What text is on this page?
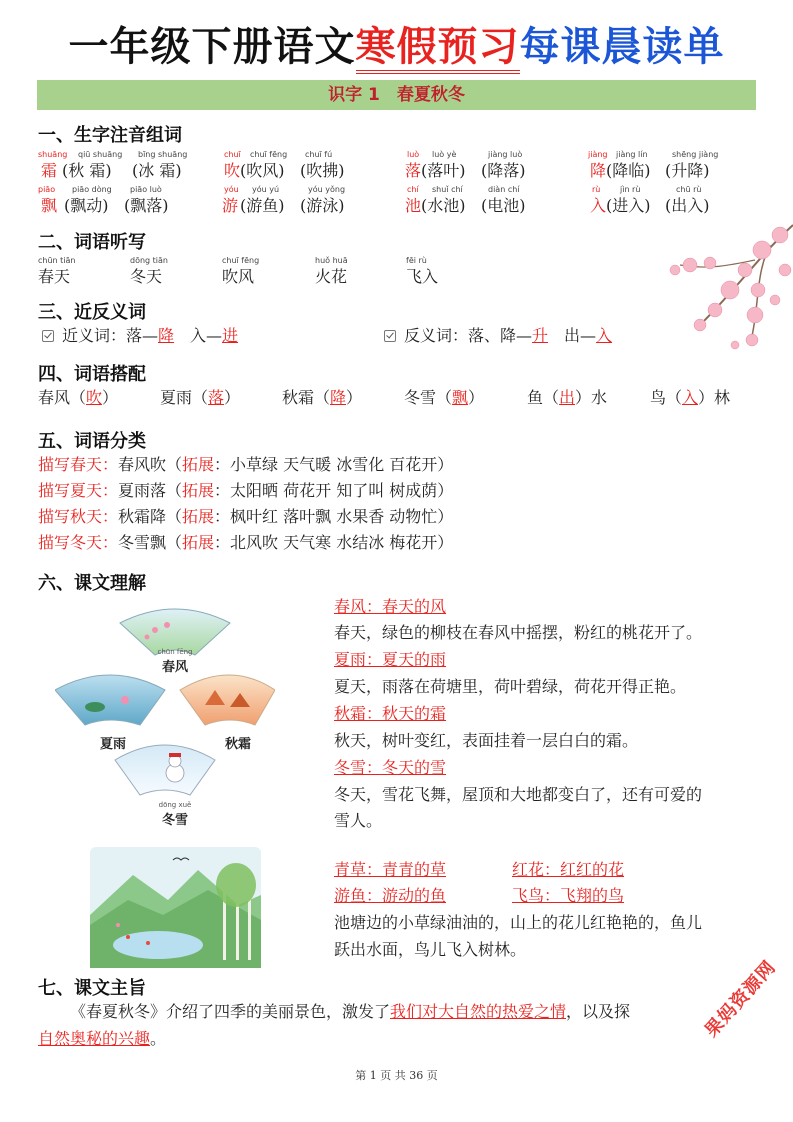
一年级下册语文寒假预习每课晨读单
识字 1　春夏秋冬
一、生字注音组词
shuāng qiū shuāng bīng shuāng
霜 (秋 霜) (冰 霜)
chuī chuī fēng chuī fú
吹 (吹风) (吹拂)
luò luò yè	jiàng luò
落 (落叶) (降落)
jiàng jiàng lín	shēng jiàng
降 (降临) (升降)
piāo piāo dòng piāo luò
飘 (飘动) (飘落)
yóu yóu yú	yóu yǒng
游 (游鱼) (游泳)
chí shuǐ chí	diàn chí
池 (水池) (电池)
rù jìn rù	chū rù
入 (进入) (出入)
二、词语听写
chūn tiān
春天
dōng tiān
冬天
chuī fēng
吹风
huǒ huā
火花
fēi rù
飞入
三、近反义词
近义词：落—降　入—进	反义词：落、降—升　出—入
四、词语搭配
春风（吹）	夏雨（落）	秋霜（降）	冬雪（飘）	鱼（出）水	鸟（入）林
五、词语分类
描写春天：春风吹（拓展：小草绿 天气暖 冰雪化 百花开）
描写夏天：夏雨落（拓展：太阳晒 荷花开 知了叫 树成荫）
描写秋天：秋霜降（拓展：枫叶红 落叶飘 水果香 动物忙）
描写冬天：冬雪飘（拓展：北风吹 天气寒 水结冰 梅花开）
六、课文理解
chūn fēng
春风
夏雨	秋霜
dōng xuě
冬雪
春风：春天的风
春天，绿色的柳枝在春风中摇摆，粉红的桃花开了。
夏雨：夏天的雨
夏天，雨落在荷塘里，荷叶碧绿，荷花开得正艳。
秋霜：秋天的霜
秋天，树叶变红，表面挂着一层白白的霜。
冬雪：冬天的雪
冬天，雪花飞舞，屋顶和大地都变白了，还有可爱的
雪人。
青草：青青的草	红花：红红的花
游鱼：游动的鱼	飞鸟：飞翔的鸟
池塘边的小草绿油油的，山上的花儿红艳艳的，鱼儿
跃出水面，鸟儿飞入树林。
七、课文主旨
《春夏秋冬》介绍了四季的美丽景色，激发了我们对大自然的热爱之情，以及探
自然奥秘的兴趣。	果妈资源网
第 1 页 共 36 页
